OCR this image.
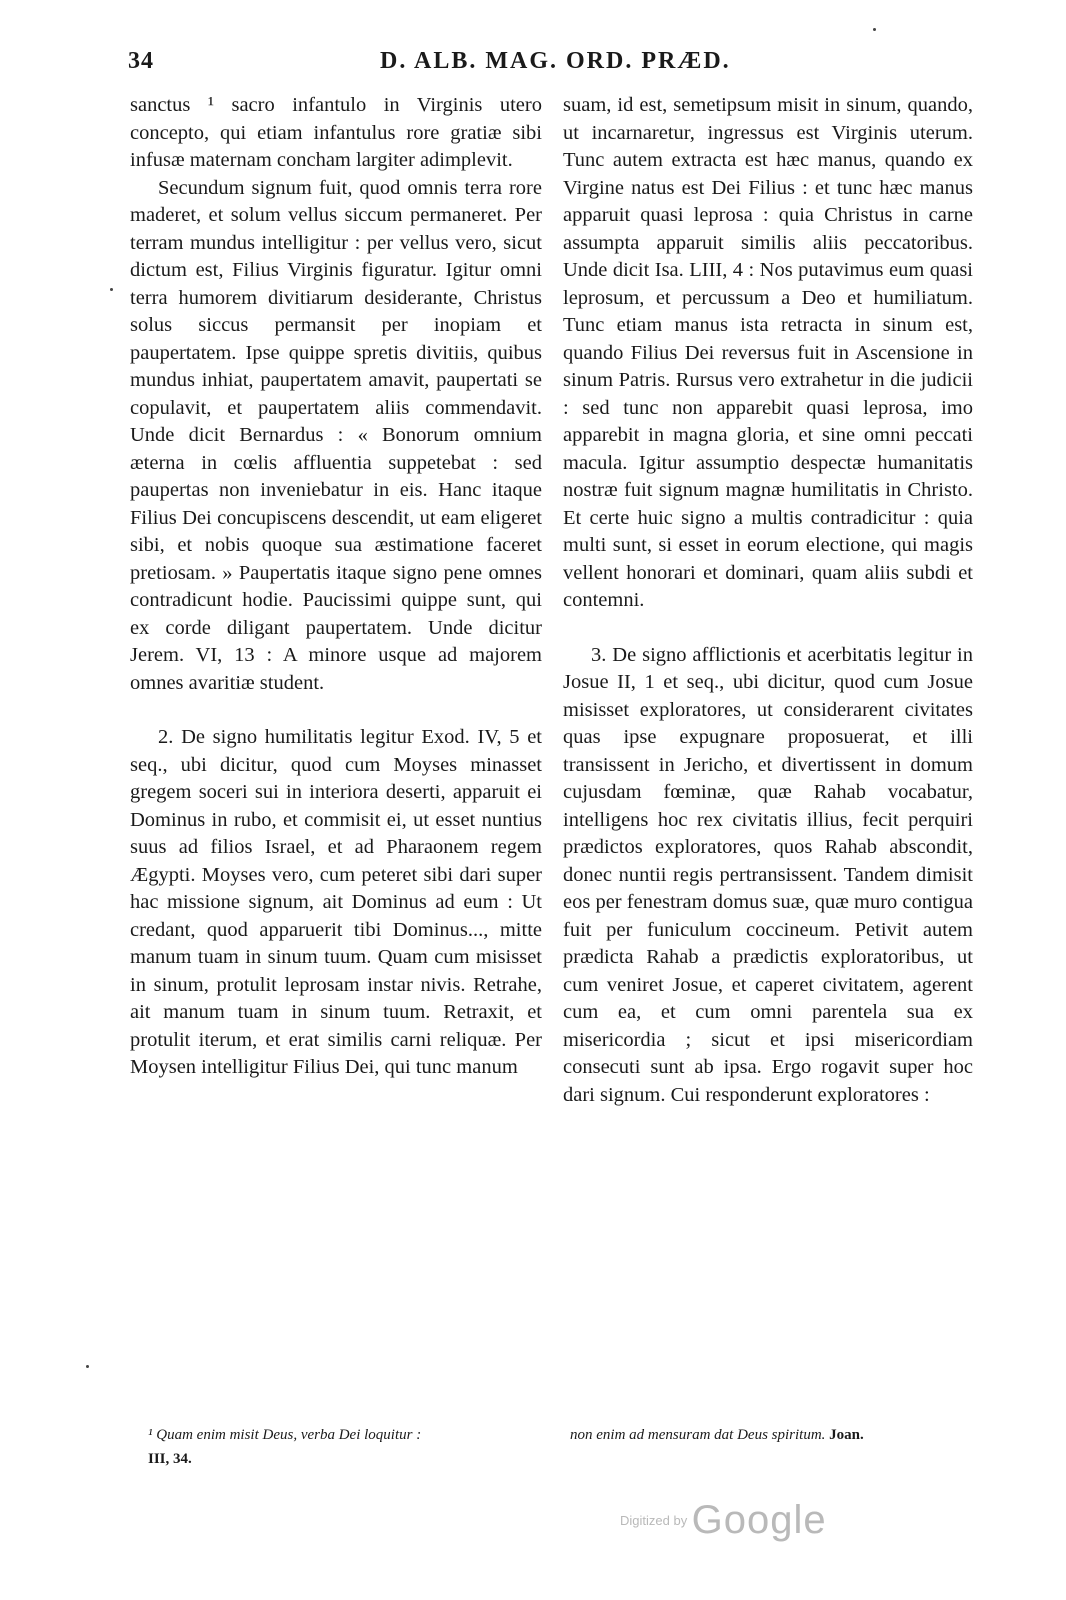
34	D. ALB. MAG. ORD. PRÆD.

sanctus ¹ sacro infantulo in Virginis utero concepto, qui etiam infantulus rore gratiæ sibi infusæ maternam concham largiter adimplevit.

Secundum signum fuit, quod omnis terra rore maderet, et solum vellus siccum permaneret. Per terram mundus intelligitur : per vellus vero, sicut dictum est, Filius Virginis figuratur. Igitur omni terra humorem divitiarum desiderante, Christus solus siccus permansit per inopiam et paupertatem. Ipse quippe spretis divitiis, quibus mundus inhiat, paupertatem amavit, paupertati se copulavit, et paupertatem aliis commendavit. Unde dicit Bernardus : « Bonorum omnium æterna in cœlis affluentia suppetebat : sed paupertas non inveniebatur in eis. Hanc itaque Filius Dei concupiscens descendit, ut eam eligeret sibi, et nobis quoque sua æstimatione faceret pretiosam. » Paupertatis itaque signo pene omnes contradicunt hodie. Paucissimi quippe sunt, qui ex corde diligant paupertatem. Unde dicitur Jerem. VI, 13 : A minore usque ad majorem omnes avaritiæ student.

2. De signo humilitatis legitur Exod. IV, 5 et seq., ubi dicitur, quod cum Moyses minasset gregem soceri sui in interiora deserti, apparuit ei Dominus in rubo, et commisit ei, ut esset nuntius suus ad filios Israel, et ad Pharaonem regem Ægypti. Moyses vero, cum peteret sibi dari super hac missione signum, ait Dominus ad eum : Ut credant, quod apparuerit tibi Dominus..., mitte manum tuam in sinum tuum. Quam cum misisset in sinum, protulit leprosam instar nivis. Retrahe, ait manum tuam in sinum tuum. Retraxit, et protulit iterum, et erat similis carni reliquæ. Per Moysen intelligitur Filius Dei, qui tunc manum

suam, id est, semetipsum misit in sinum, quando, ut incarnaretur, ingressus est Virginis uterum. Tunc autem extracta est hæc manus, quando ex Virgine natus est Dei Filius : et tunc hæc manus apparuit quasi leprosa : quia Christus in carne assumpta apparuit similis aliis peccatoribus. Unde dicit Isa. LIII, 4 : Nos putavimus eum quasi leprosum, et percussum a Deo et humiliatum. Tunc etiam manus ista retracta in sinum est, quando Filius Dei reversus fuit in Ascensione in sinum Patris. Rursus vero extrahetur in die judicii : sed tunc non apparebit quasi leprosa, imo apparebit in magna gloria, et sine omni peccati macula. Igitur assumptio despectæ humanitatis nostræ fuit signum magnæ humilitatis in Christo. Et certe huic signo a multis contradicitur : quia multi sunt, si esset in eorum electione, qui magis vellent honorari et dominari, quam aliis subdi et contemni.

3. De signo afflictionis et acerbitatis legitur in Josue II, 1 et seq., ubi dicitur, quod cum Josue misisset exploratores, ut considerarent civitates quas ipse expugnare proposuerat, et illi transissent in Jericho, et divertissent in domum cujusdam fœminæ, quæ Rahab vocabatur, intelligens hoc rex civitatis illius, fecit perquiri prædictos exploratores, quos Rahab abscondit, donec nuntii regis pertransissent. Tandem dimisit eos per fenestram domus suæ, quæ muro contigua fuit per funiculum coccineum. Petivit autem prædicta Rahab a prædictis exploratoribus, ut cum veniret Josue, et caperet civitatem, agerent cum ea, et cum omni parentela sua ex misericordia ; sicut et ipsi misericordiam consecuti sunt ab ipsa. Ergo rogavit super hoc dari signum. Cui responderunt exploratores :

¹ Quam enim misit Deus, verba Dei loquitur :
III, 34.
non enim ad mensuram dat Deus spiritum. Joan.
Digitized by Google
